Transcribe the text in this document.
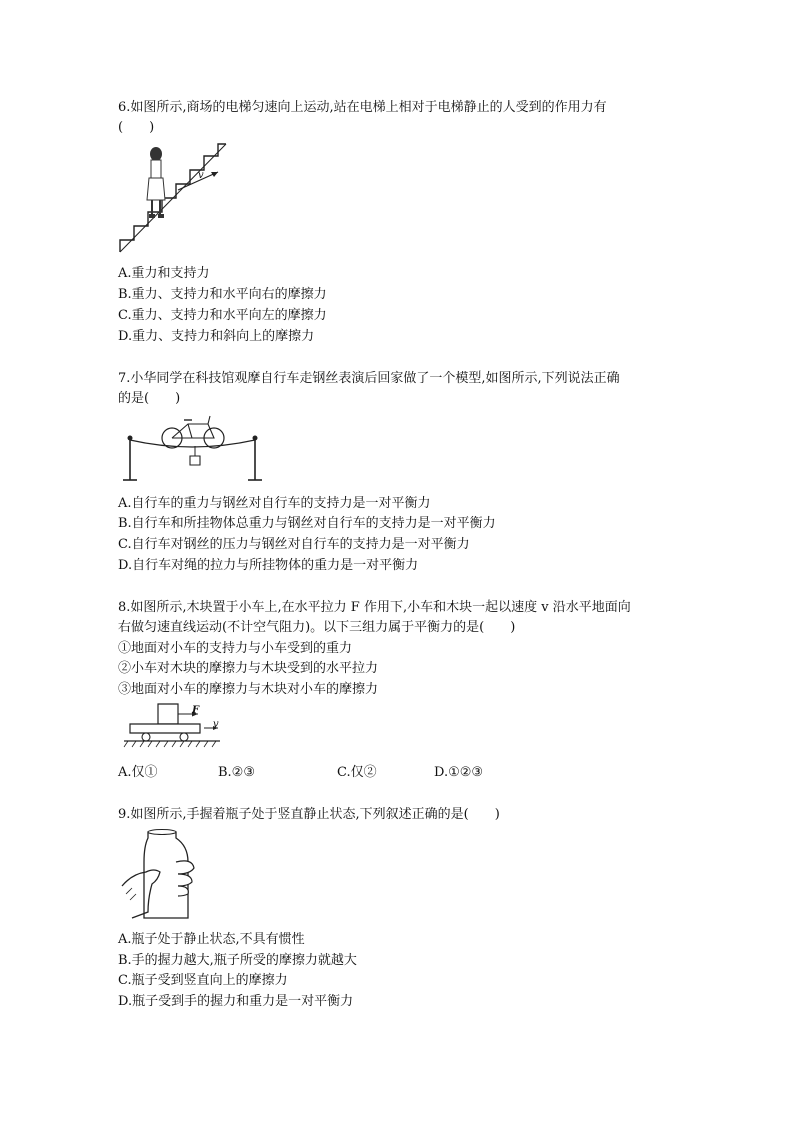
6.如图所示,商场的电梯匀速向上运动,站在电梯上相对于电梯静止的人受到的作用力有
(　　)
v
A.重力和支持力
B.重力、支持力和水平向右的摩擦力
C.重力、支持力和水平向左的摩擦力
D.重力、支持力和斜向上的摩擦力
7.小华同学在科技馆观摩自行车走钢丝表演后回家做了一个模型,如图所示,下列说法正确
的是(　　)
A.自行车的重力与钢丝对自行车的支持力是一对平衡力
B.自行车和所挂物体总重力与钢丝对自行车的支持力是一对平衡力
C.自行车对钢丝的压力与钢丝对自行车的支持力是一对平衡力
D.自行车对绳的拉力与所挂物体的重力是一对平衡力
8.如图所示,木块置于小车上,在水平拉力 F 作用下,小车和木块一起以速度 v 沿水平地面向
右做匀速直线运动(不计空气阻力)。以下三组力属于平衡力的是(　　)
①地面对小车的支持力与小车受到的重力
②小车对木块的摩擦力与木块受到的水平拉力
③地面对小车的摩擦力与木块对小车的摩擦力
F
v
A.仅①	B.②③	C.仅②	D.①②③
9.如图所示,手握着瓶子处于竖直静止状态,下列叙述正确的是(　　)
A.瓶子处于静止状态,不具有惯性
B.手的握力越大,瓶子所受的摩擦力就越大
C.瓶子受到竖直向上的摩擦力
D.瓶子受到手的握力和重力是一对平衡力
